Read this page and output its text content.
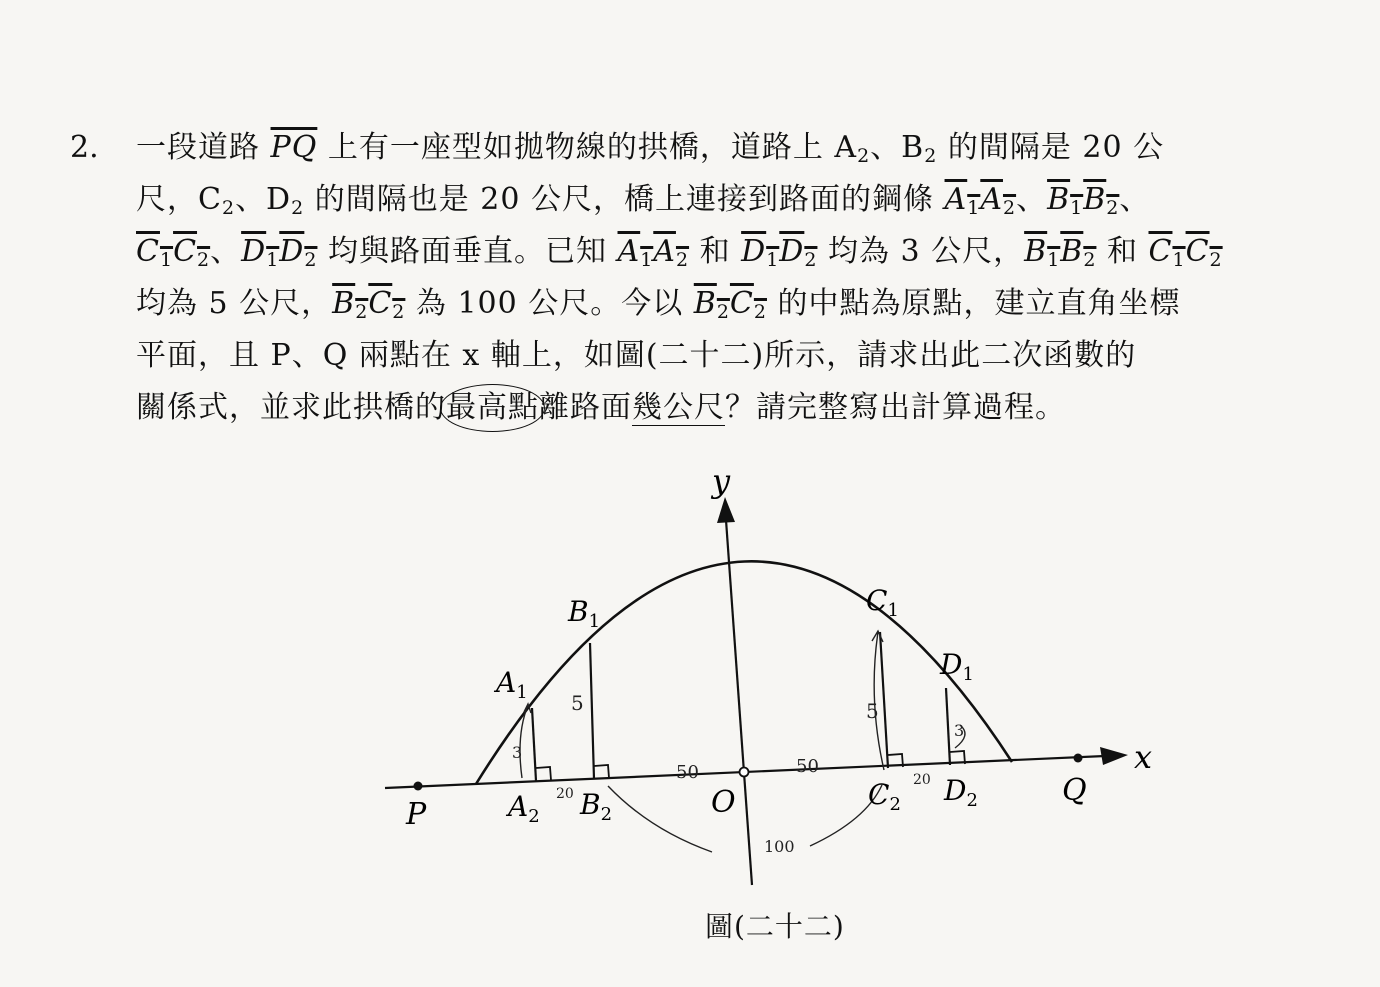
2. 一段道路 $\overline{PQ}$ 上有一座型如拋物線的拱橋，道路上 $A_2$、$B_2$ 的間隔是 20 公
尺，$C_2$、$D_2$ 的間隔也是 20 公尺，橋上連接到路面的鋼條 $A_1A_2$、$B_1B_2$、
$C_1C_2$、$D_1D_2$ 均與路面垂直。已知 $A_1A_2$ 和 $D_1D_2$ 均為 3 公尺，$B_1B_2$ 和 $C_1C_2$
均為 5 公尺，$B_2C_2$ 為 100 公尺。今以 $B_2C_2$ 的中點為原點，建立直角坐標
平面，且 P、Q 兩點在 x 軸上，如圖(二十二)所示，請求出此二次函數的
關係式，並求此拱橋的最高點離路面幾公尺？請完整寫出計算過程。
y
x
O
P
Q
$A_1$
$A_2$
$B_1$
$B_2$
$C_1$
$C_2$
$D_1$
$D_2$
3
5	5
3
20
20
50	50
100
圖(二十二)
